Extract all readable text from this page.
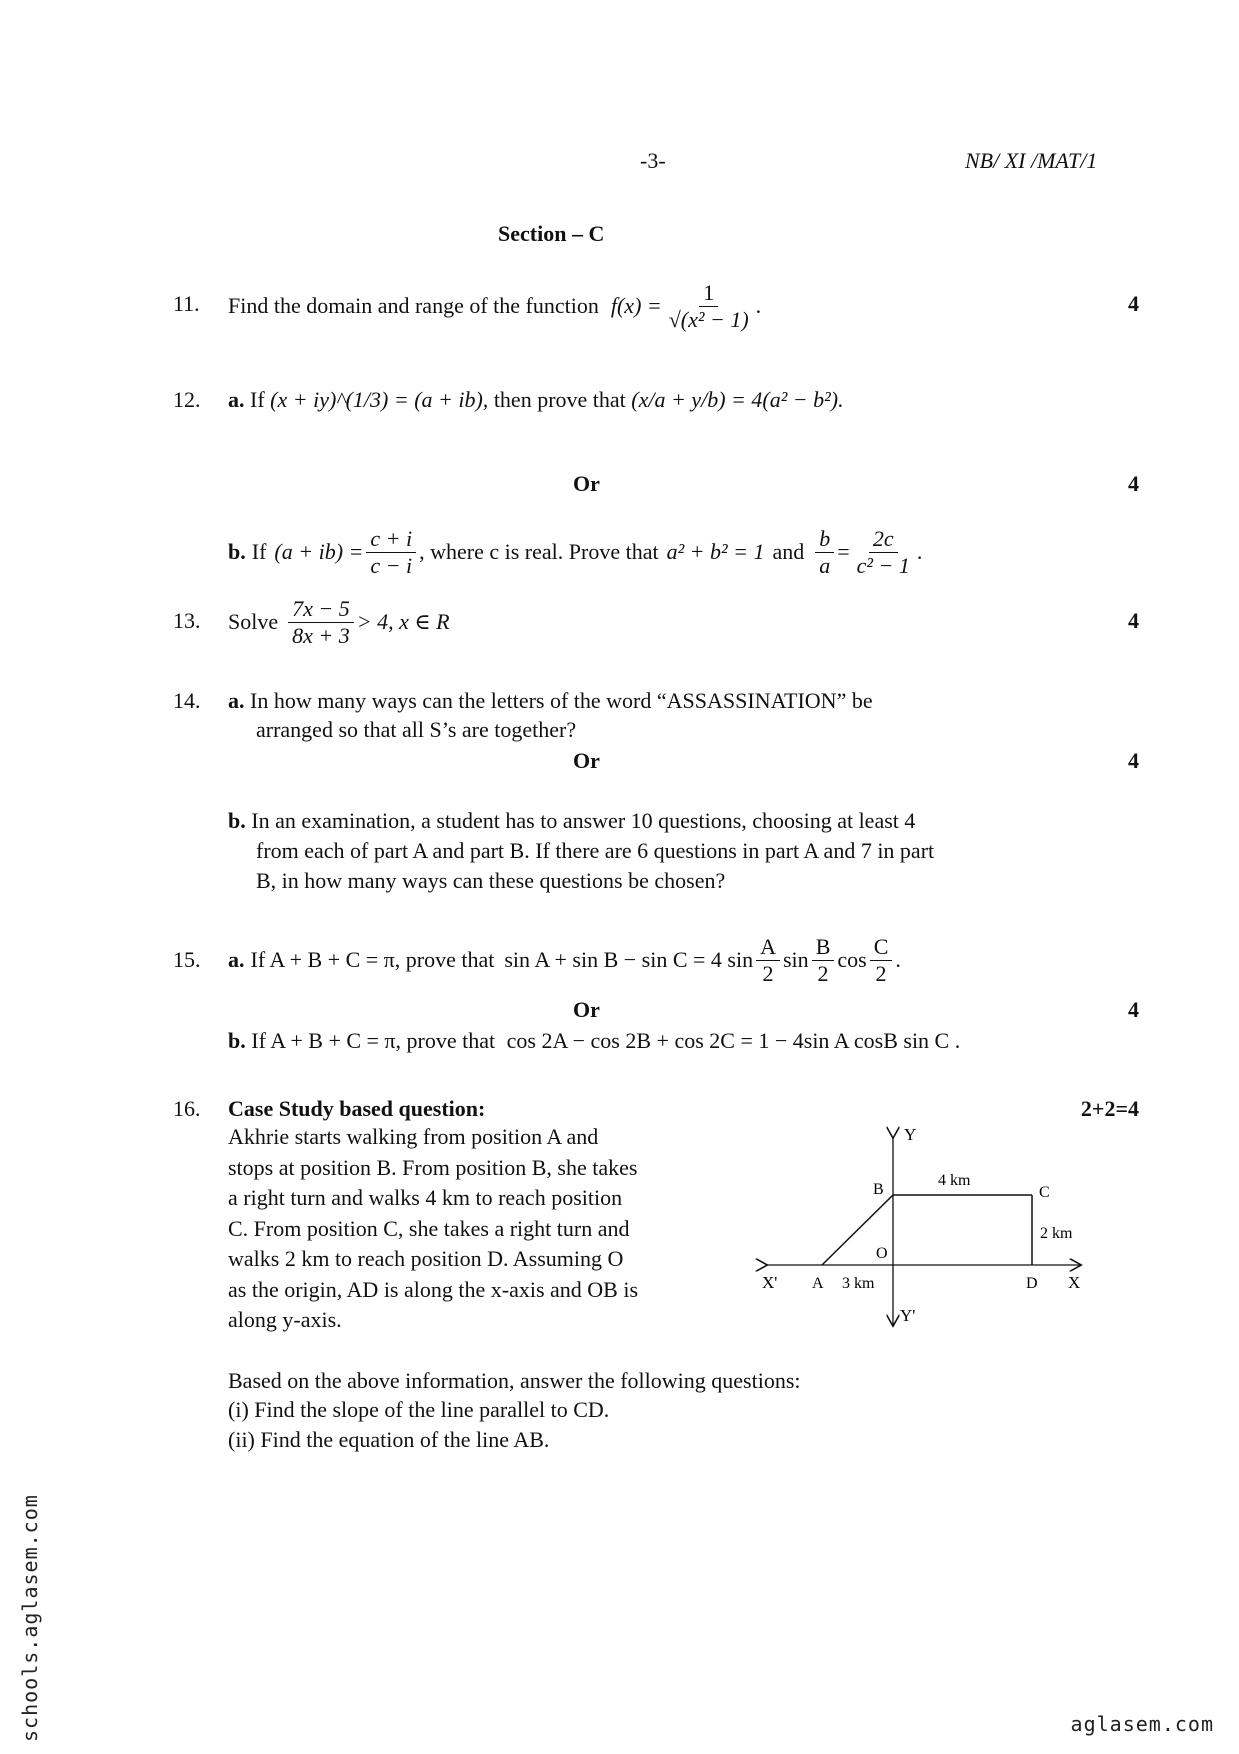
-3-	NB/ XI /MAT/1
Section – C
11. Find the domain and range of the function $f(x) = \frac{1}{\text{√(x² − 1)}}$ .	4
12. a. If (x + iy)^(1/3) = (a + ib), then prove that (x/a + y/b) = 4(a² − b²).
Or	4
b. If $(a + ib) = \frac{c + i}{c - i}$ , where c is real. Prove that a² + b² = 1 and $\frac{b}{a} = \frac{2c}{\text{c² − 1}}$ .
13. Solve $\frac{7x - 5}{8x + 3} > 4$, x ∈ R	4
14. a. In how many ways can the letters of the word “ASSASSINATION” be
arranged so that all S’s are together?
Or	4
b. In an examination, a student has to answer 10 questions, choosing at least 4
from each of part A and part B. If there are 6 questions in part A and 7 in part
B, in how many ways can these questions be chosen?
15. a. If A + B + C = π, prove that sin A + sin B − sin C = 4 $\sin \frac{A}{2}$ $\sin \frac{B}{2}$ $\cos \frac{C}{2}$ .
Or	4
b. If A + B + C = π, prove that cos 2A − cos 2B + cos 2C = 1 − 4sin A cosB sin C .
16. Case Study based question:	2+2=4
Akhrie starts walking from position A and
stops at position B. From position B, she takes
a right turn and walks 4 km to reach position
C. From position C, she takes a right turn and
walks 2 km to reach position D. Assuming O
as the origin, AD is along the x-axis and OB is
along y-axis.
Y
Y'
X
X' A
B	C
D
O
4 km
2 km
3 km
Based on the above information, answer the following questions:
(i) Find the slope of the line parallel to CD.
(ii) Find the equation of the line AB.
schools.aglasem.com	aglasem.com
